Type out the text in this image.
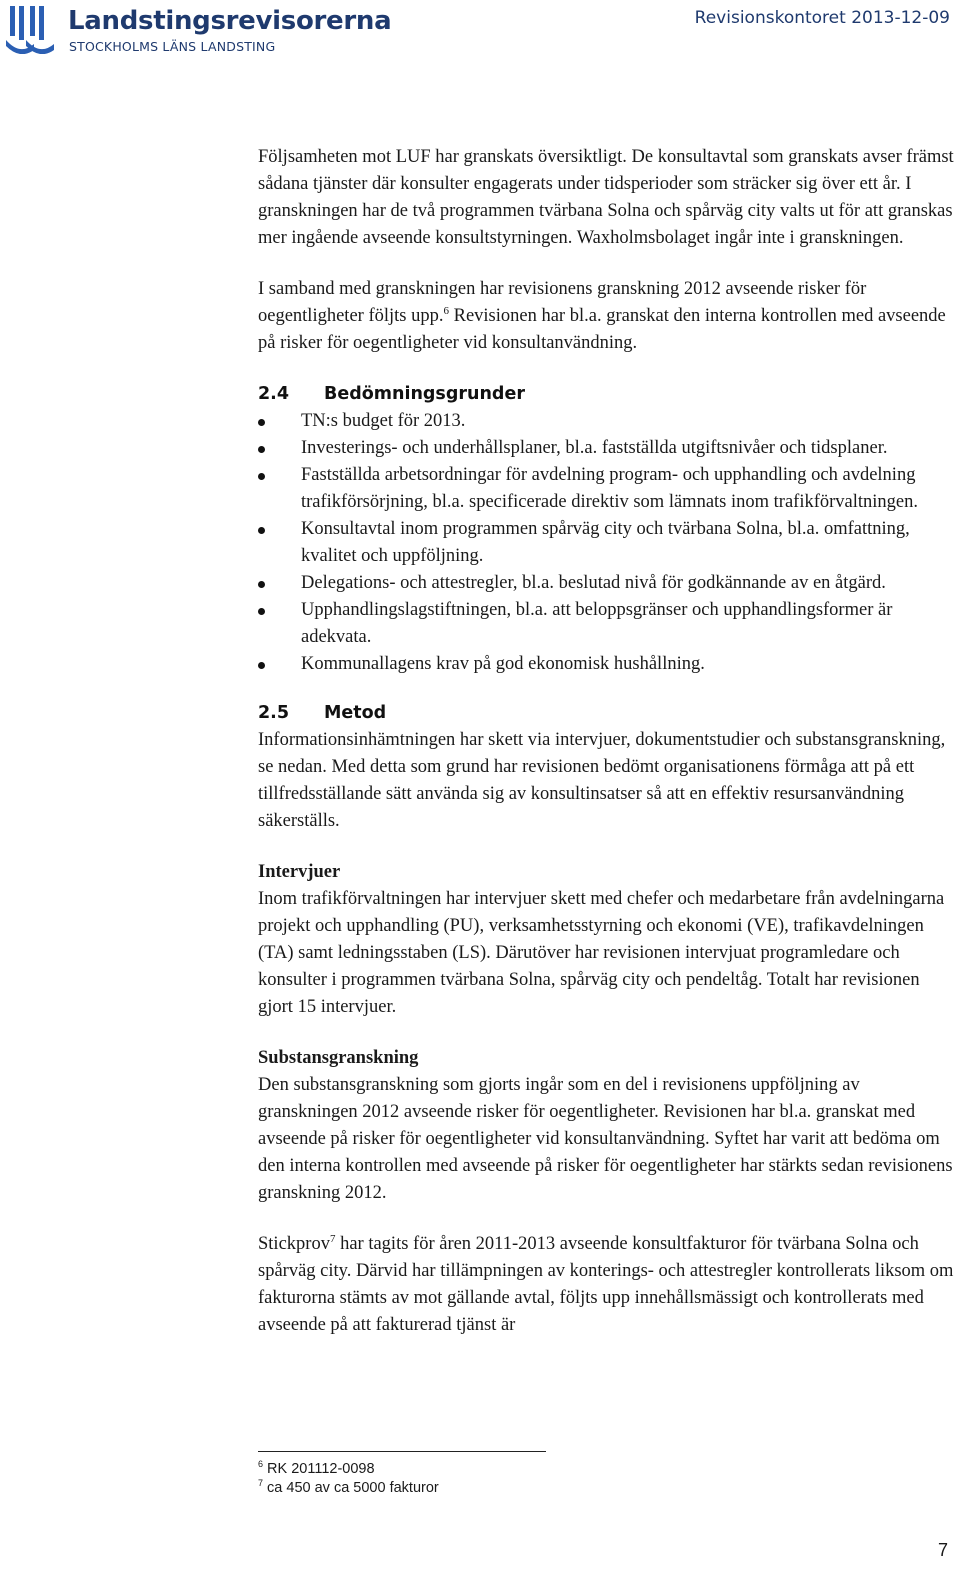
Landstingsrevisorerna
STOCKHOLMS LÄNS LANDSTING
Revisionskontoret 2013-12-09

Följsamheten mot LUF har granskats översiktligt. De konsultavtal som granskats avser främst sådana tjänster där konsulter engagerats under tidsperioder som sträcker sig över ett år. I granskningen har de två programmen tvärbana Solna och spårväg city valts ut för att granskas mer ingående avseende konsultstyrningen. Waxholmsbolaget ingår inte i granskningen.

I samband med granskningen har revisionens granskning 2012 avseende risker för oegentligheter följts upp.$^6$ Revisionen har bl.a. granskat den interna kontrollen med avseende på risker för oegentligheter vid konsultanvändning.

2.4 Bedömningsgrunder
TN:s budget för 2013.
Investerings- och underhållsplaner, bl.a. fastställda utgiftsnivåer och tidsplaner.
Fastställda arbetsordningar för avdelning program- och upphandling och avdelning trafikförsörjning, bl.a. specificerade direktiv som lämnats inom trafikförvaltningen.
Konsultavtal inom programmen spårväg city och tvärbana Solna, bl.a. omfattning, kvalitet och uppföljning.
Delegations- och attestregler, bl.a. beslutad nivå för godkännande av en åtgärd.
Upphandlingslagstiftningen, bl.a. att beloppsgränser och upphandlingsformer är adekvata.
Kommunallagens krav på god ekonomisk hushållning.
2.5 Metod

Informationsinhämtningen har skett via intervjuer, dokumentstudier och substansgranskning, se nedan. Med detta som grund har revisionen bedömt organisationens förmåga att på ett tillfredsställande sätt använda sig av konsultinsatser så att en effektiv resursanvändning säkerställs.

Intervjuer

Inom trafikförvaltningen har intervjuer skett med chefer och medarbetare från avdelningarna projekt och upphandling (PU), verksamhetsstyrning och ekonomi (VE), trafikavdelningen (TA) samt ledningsstaben (LS). Därutöver har revisionen intervjuat programledare och konsulter i programmen tvärbana Solna, spårväg city och pendeltåg. Totalt har revisionen gjort 15 intervjuer.

Substansgranskning

Den substansgranskning som gjorts ingår som en del i revisionens uppföljning av granskningen 2012 avseende risker för oegentligheter. Revisionen har bl.a. granskat med avseende på risker för oegentligheter vid konsultanvändning. Syftet har varit att bedöma om den interna kontrollen med avseende på risker för oegentligheter har stärkts sedan revisionens granskning 2012.

Stickprov$^7$ har tagits för åren 2011-2013 avseende konsultfakturor för tvärbana Solna och spårväg city. Därvid har tillämpningen av konterings- och attestregler kontrollerats liksom om fakturorna stämts av mot gällande avtal, följts upp innehållsmässigt och kontrollerats med avseende på att fakturerad tjänst är

$^6$ RK 201112-0098
$^7$ ca 450 av ca 5000 fakturor
7
